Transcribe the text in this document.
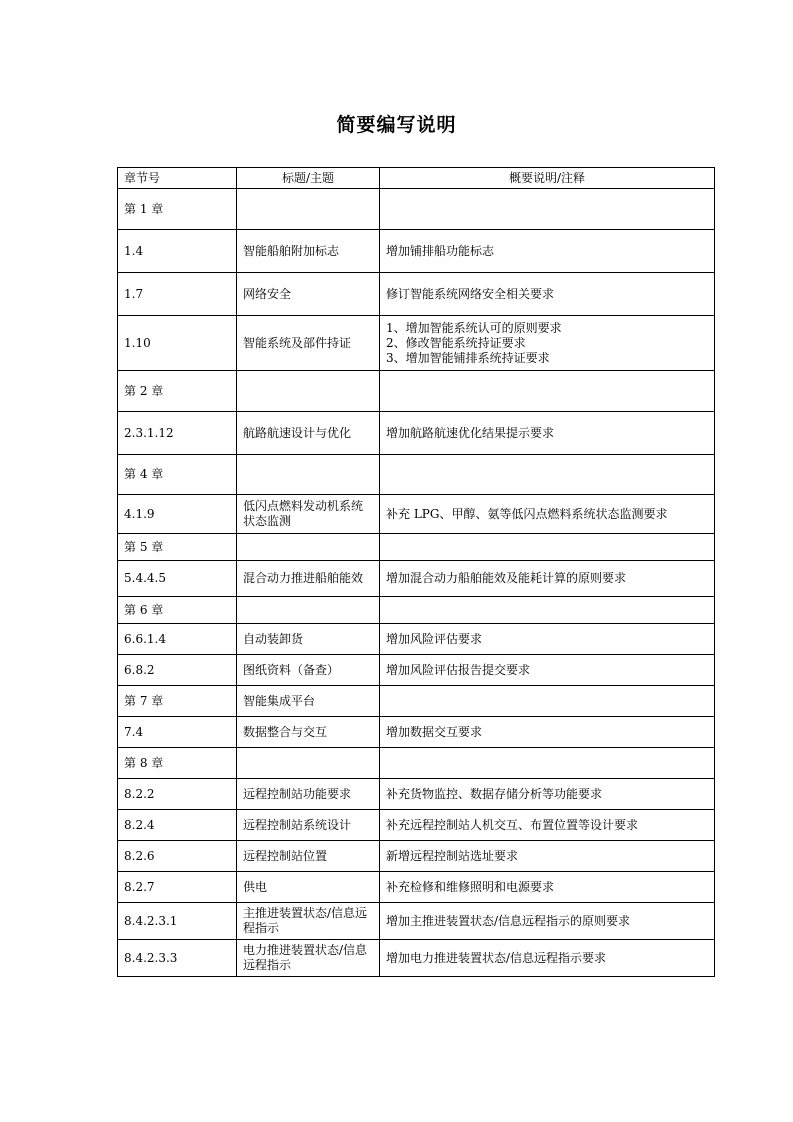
简要编写说明
章节号	标题/主题	概要说明/注释
第 1 章		
1.4	智能船舶附加标志	增加铺排船功能标志

1.7	网络安全	修订智能系统网络安全相关要求

1.10	智能系统及部件持证	1、增加智能系统认可的原则要求
2、修改智能系统持证要求
3、增加智能铺排系统持证要求

第 2 章		
2.3.1.12	航路航速设计与优化	增加航路航速优化结果提示要求

第 4 章		
4.1.9	低闪点燃料发动机系统状态监测	补充 LPG、甲醇、氨等低闪点燃料系统状态监测要求

第 5 章		
5.4.4.5	混合动力推进船舶能效	增加混合动力船舶能效及能耗计算的原则要求

第 6 章		
6.6.1.4	自动装卸货	增加风险评估要求

6.8.2	图纸资料（备查）	增加风险评估报告提交要求

第 7 章	智能集成平台	
7.4	数据整合与交互	增加数据交互要求

第 8 章		
8.2.2	远程控制站功能要求	补充货物监控、数据存储分析等功能要求

8.2.4	远程控制站系统设计	补充远程控制站人机交互、布置位置等设计要求

8.2.6	远程控制站位置	新增远程控制站选址要求

8.2.7	供电	补充检修和维修照明和电源要求

8.4.2.3.1	主推进装置状态/信息远程指示	增加主推进装置状态/信息远程指示的原则要求

8.4.2.3.3	电力推进装置状态/信息远程指示	增加电力推进装置状态/信息远程指示要求
